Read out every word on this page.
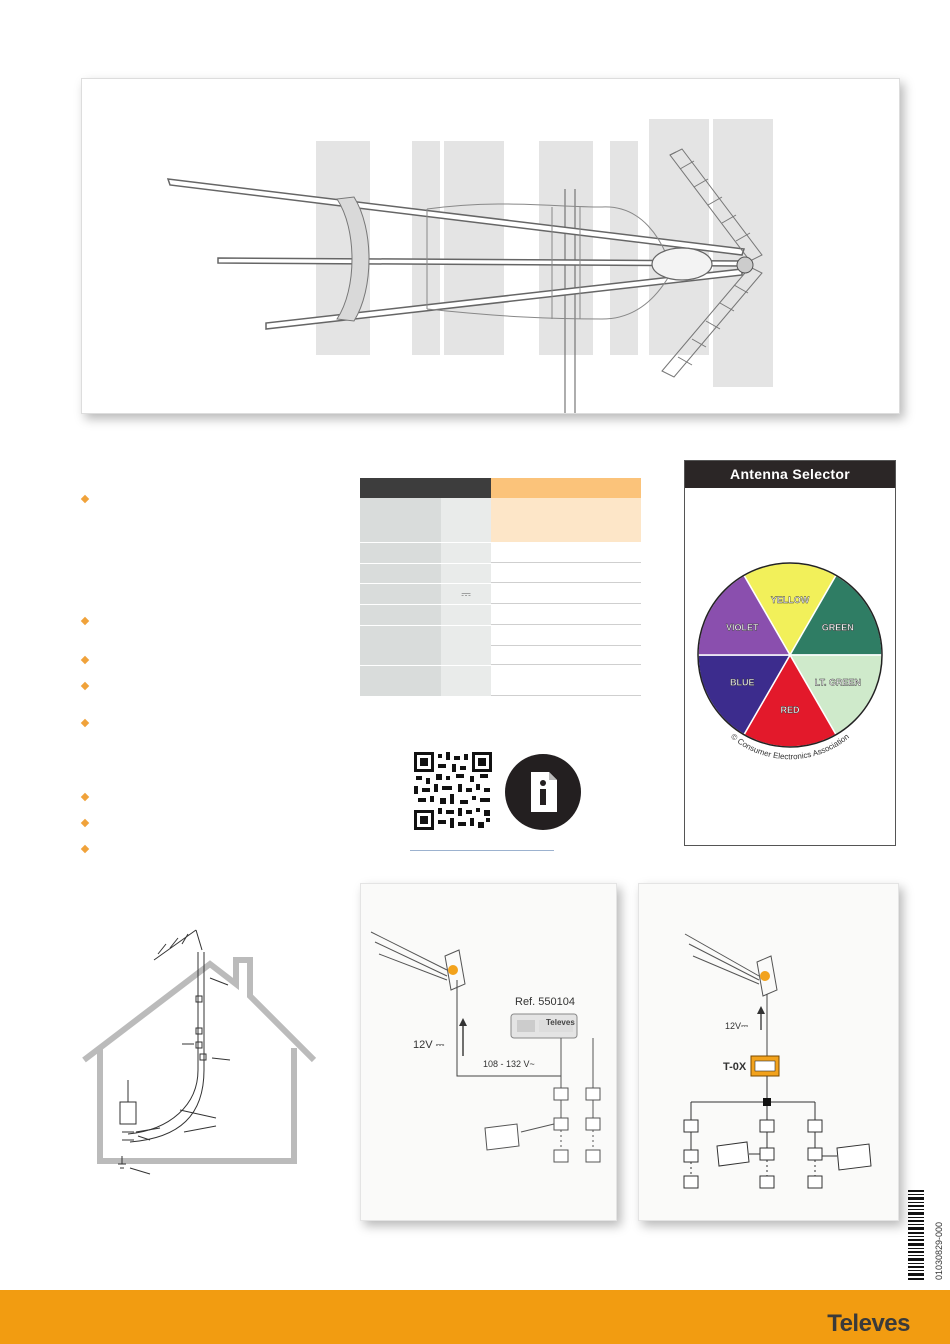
⎓
Antenna Selector
YELLOW
GREEN
LT. GREEN
RED
BLUE
VIOLET
© Consumer Electronics Association
Ref. 550104
Televes
12V ⎓
108 - 132 V~
12V⎓
T-0X
01030829-000
Televes
